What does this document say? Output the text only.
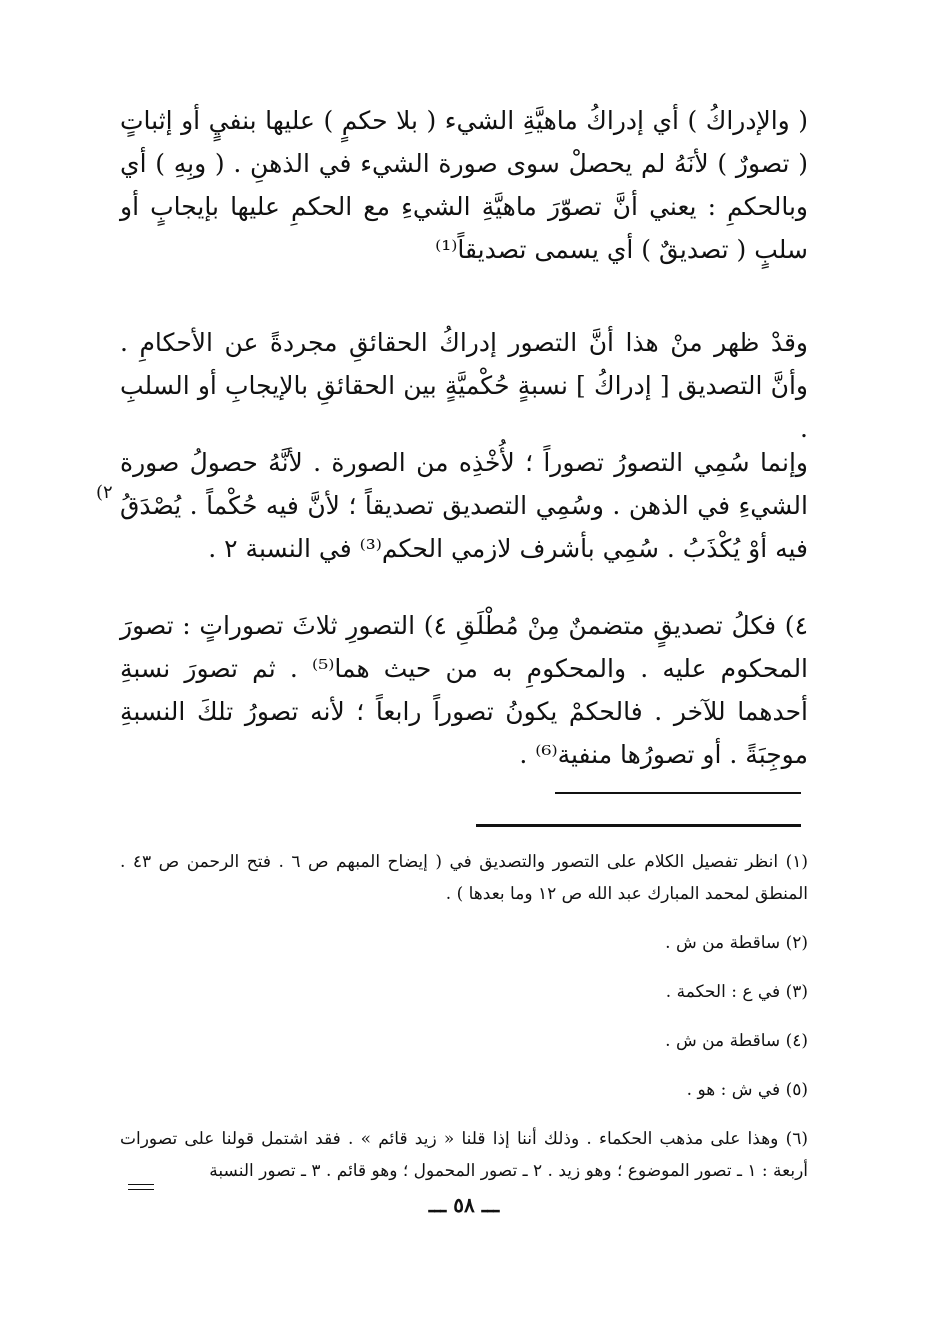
( والإدراكُ ) أي إدراكُ ماهيَّةِ الشيء ( بلا حكمٍ ) عليها بنفيٍ أو إثباتٍ ( تصورٌ ) لأنَهُ لم يحصلْ سوى صورة الشيء في الذهنِ . ( وبِهِ ) أي وبالحكمِ : يعني أنَّ تصوّرَ ماهيَّةِ الشيءِ مع الحكمِ عليها بإيجابٍ أو سلبٍ ( تصديقٌ ) أي يسمى تصديقاً⁽¹⁾

وقدْ ظهر منْ هذا أنَّ التصور إدراكُ الحقائقِ مجردةً عن الأحكامِ . وأنَّ التصديق [ إدراكُ ] نسبةٍ حُكْميَّةٍ بين الحقائقِ بالإيجابِ أو السلبِ .

وإنما سُمِي التصورُ تصوراً ؛ لأُخْذِه من الصورة . لأنَّهُ حصولُ صورة الشيءِ في الذهن . وسُمِي التصديق تصديقاً ؛ لأنَّ فيه حُكْماً . يُصْدَقُ فيه أوْ يُكْذَبُ . سُمِي بأشرف لازمي الحكم⁽³⁾ في النسبة ٢ .

٢)

٤) فكلُ تصديقٍ متضمنٌ مِنْ مُطْلَقِ ٤) التصورِ ثلاثَ تصوراتٍ : تصورَ المحكوم عليه . والمحكومِ به من حيث هما⁽⁵⁾ . ثم تصورَ نسبةِ أحدهما للآخر . فالحكمْ يكونُ تصوراً رابعاً ؛ لأنه تصورُ تلكَ النسبةِ موجِبَةً . أو تصورُها منفية⁽⁶⁾ .

(١) انظر تفصيل الكلام على التصور والتصديق في ( إيضاح المبهم ص ٦ . فتح الرحمن ص ٤٣ . المنطق لمحمد المبارك عبد الله ص ١٢ وما بعدها ) .

(٢) ساقطة من ش .

(٣) في ع : الحكمة .

(٤) ساقطة من ش .

(٥) في ش : هو .

(٦) وهذا على مذهب الحكماء . وذلك أننا إذا قلنا « زيد قائم » . فقد اشتمل قولنا على تصورات أربعة : ١ ـ تصور الموضوع ؛ وهو زيد . ٢ ـ تصور المحمول ؛ وهو قائم . ٣ ـ تصور النسبة

ـــ ٥٨ ـــ
